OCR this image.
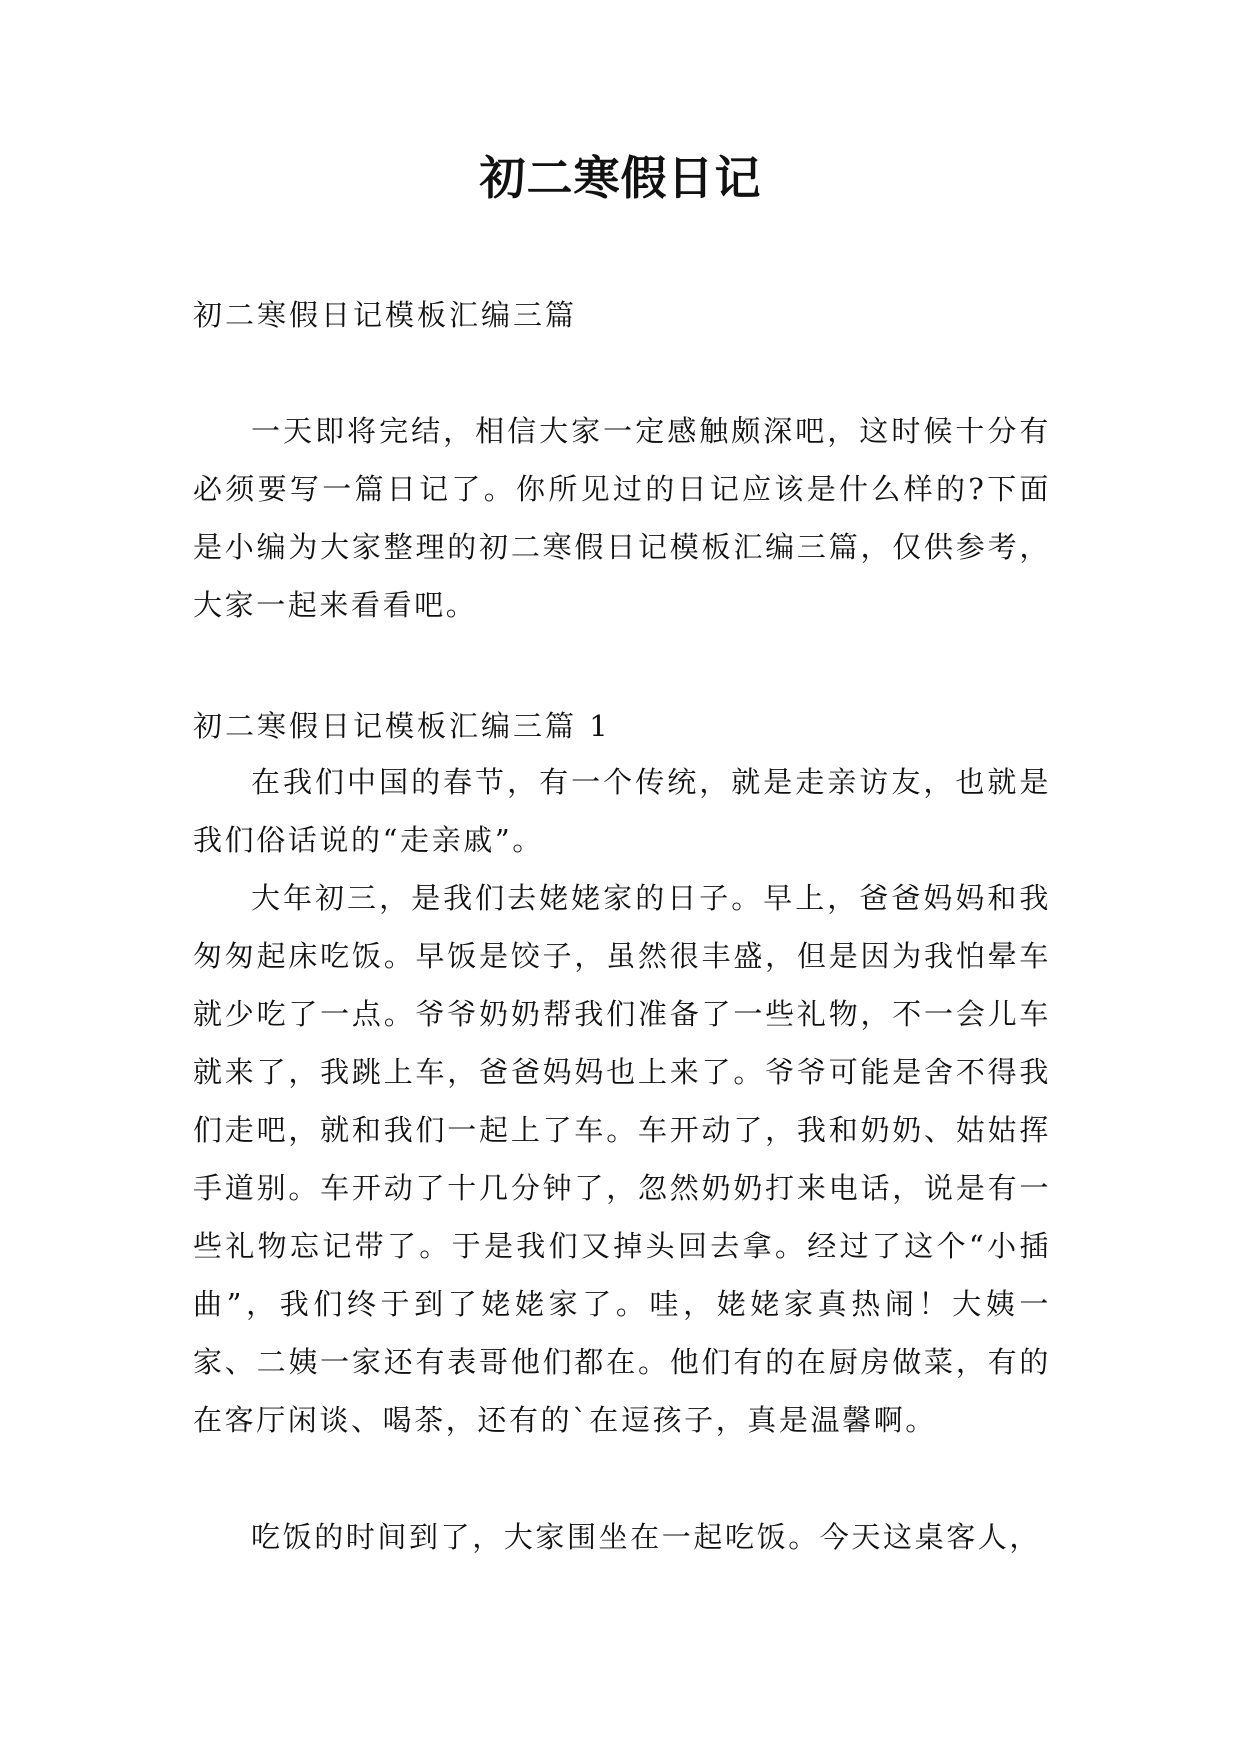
初二寒假日记
初二寒假日记模板汇编三篇
一天即将完结，相信大家一定感触颇深吧，这时候十分有必须要写一篇日记了。你所见过的日记应该是什么样的?下面是小编为大家整理的初二寒假日记模板汇编三篇，仅供参考，大家一起来看看吧。
初二寒假日记模板汇编三篇 1
在我们中国的春节，有一个传统，就是走亲访友，也就是我们俗话说的“走亲戚”。
大年初三，是我们去姥姥家的日子。早上，爸爸妈妈和我匆匆起床吃饭。早饭是饺子，虽然很丰盛，但是因为我怕晕车就少吃了一点。爷爷奶奶帮我们准备了一些礼物，不一会儿车就来了，我跳上车，爸爸妈妈也上来了。爷爷可能是舍不得我们走吧，就和我们一起上了车。车开动了，我和奶奶、姑姑挥手道别。车开动了十几分钟了，忽然奶奶打来电话，说是有一些礼物忘记带了。于是我们又掉头回去拿。经过了这个“小插曲”，我们终于到了姥姥家了。哇，姥姥家真热闹！大姨一家、二姨一家还有表哥他们都在。他们有的在厨房做菜，有的在客厅闲谈、喝茶，还有的`在逗孩子，真是温馨啊。
吃饭的时间到了，大家围坐在一起吃饭。今天这桌客人，
